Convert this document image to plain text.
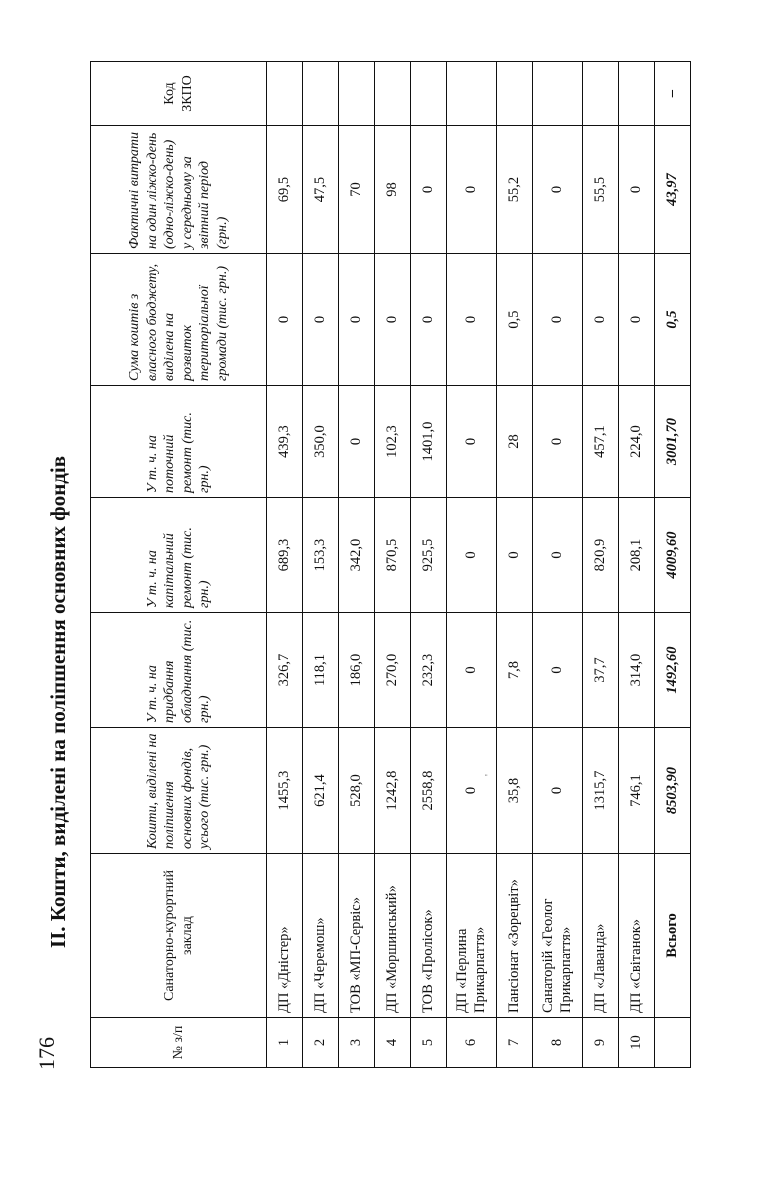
176
ІІ. Кошти, виділені на поліпшення основних фондів
№ з/п	Санаторно-курортний заклад	Кошти, виділені на поліпшення основних фондів, усього (тис. грн.)	У т. ч. на придбання обладнання (тис. грн.)	У т. ч. на капітальний ремонт (тис. грн.)	У т. ч. на поточний ремонт (тис. грн.)	Сума коштів з власного бюджету, виділена на розвиток територіальної громади (тис. грн.)	Фактичні витрати на один ліжко-день (одно-ліжко-день) у середньому за звітний період (грн.)	Код ЗКПО
1	ДП «Дністер»	1455,3	326,7	689,3	439,3	0	69,5	
2	ДП «Черемош»	621,4	118,1	153,3	350,0	0	47,5	
3	ТОВ «МП-Сервіс»	528,0	186,0	342,0	0	0	70	
4	ДП «Моршинський»	1242,8	270,0	870,5	102,3	0	98	
5	ТОВ «Пролісок»	2558,8	232,3	925,5	1401,0	0	0	
6	ДП «Перлина Прикарпаття»	0	0	0	0	0	0	
7	Пансіонат «Зорецвіт»	35,8	7,8	0	28	0,5	55,2	
8	Санаторій «Геолог Прикарпаття»	0	0	0	0	0	0	
9	ДП «Лаванда»	1315,7	37,7	820,9	457,1	0	55,5	
10	ДП «Світанок»	746,1	314,0	208,1	224,0	0	0	
	Всього	8503,90	1492,60	4009,60	3001,70	0,5	43,97	–
'
